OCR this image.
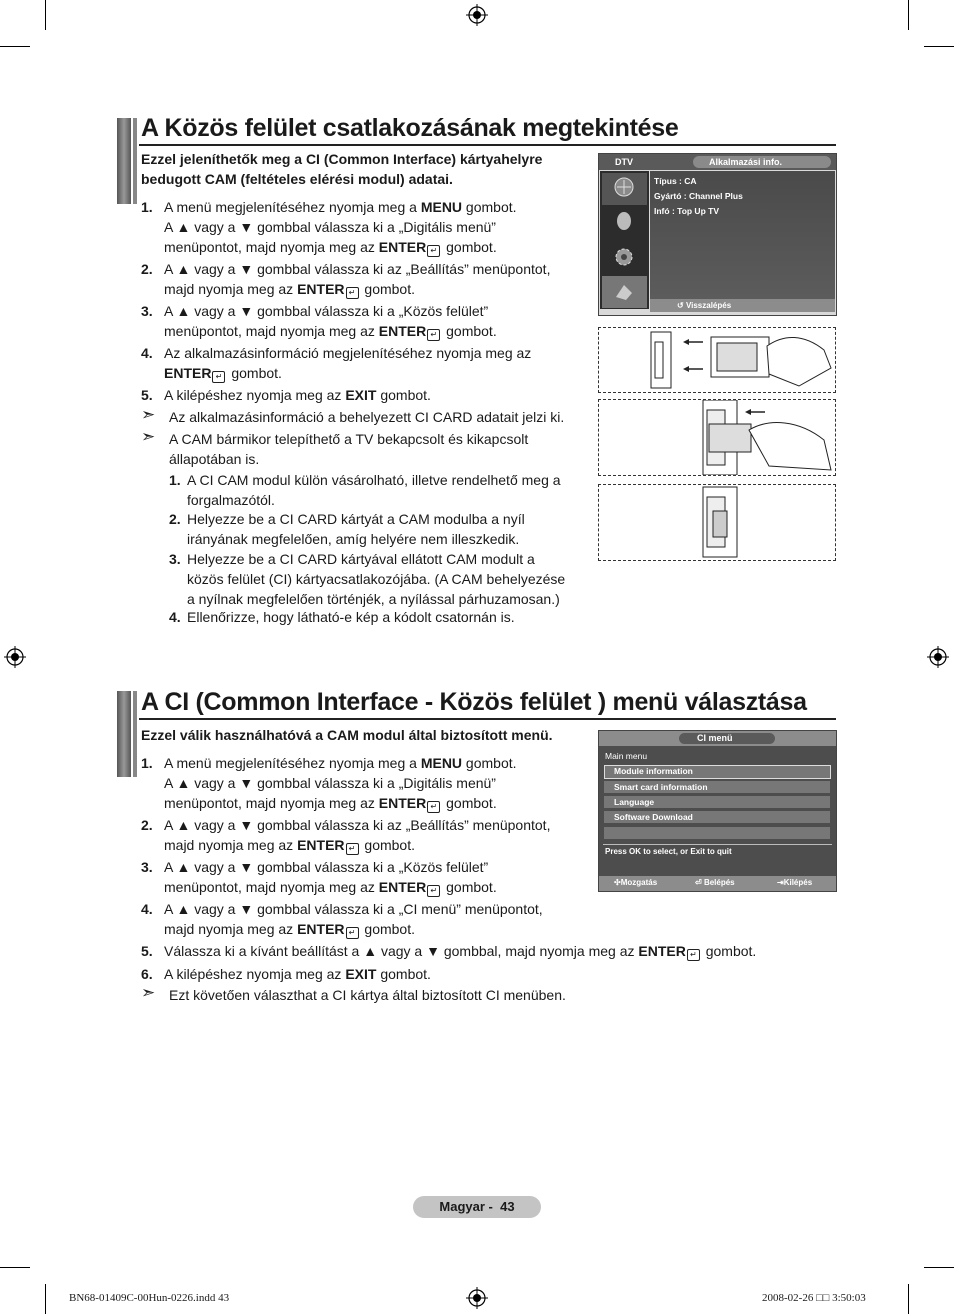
A Közös felület csatlakozásának megtekintése
Ezzel jeleníthetők meg a CI (Common Interface) kártyahelyre
bedugott CAM (feltételes elérési modul) adatai.
1. A menü megjelenítéséhez nyomja meg a MENU gombot.
A ▲ vagy a ▼ gombbal válassza ki a „Digitális menü”
menüpontot, majd nyomja meg az ENTER ↵ gombot.
2. A ▲ vagy a ▼ gombbal válassza ki az „Beállítás” menüpontot,
majd nyomja meg az ENTER ↵ gombot.
3. A ▲ vagy a ▼ gombbal válassza ki a „Közös felület”
menüpontot, majd nyomja meg az ENTER ↵ gombot.
4. Az alkalmazásinformáció megjelenítéséhez nyomja meg az
ENTER ↵ gombot.
5. A kilépéshez nyomja meg az EXIT gombot.
➣ Az alkalmazásinformáció a behelyezett CI CARD adatait jelzi ki.
➣ A CAM bármikor telepíthető a TV bekapcsolt és kikapcsolt
állapotában is.
1. A CI CAM modul külön vásárolható, illetve rendelhető meg a
forgalmazótól.
2. Helyezze be a CI CARD kártyát a CAM modulba a nyíl
irányának megfelelően, amíg helyére nem illeszkedik.
3. Helyezze be a CI CARD kártyával ellátott CAM modult a
közös felület (CI) kártyacsatlakozójába. (A CAM behelyezése
a nyílnak megfelelően történjék, a nyílással párhuzamosan.)
4. Ellenőrizze, hogy látható-e kép a kódolt csatornán is.
DTV	Alkalmazási info.
Típus : CA
Gyártó : Channel Plus
Infó : Top Up TV
↺ Visszalépés
A CI (Common Interface - Közös felület ) menü választása
Ezzel válik használhatóvá a CAM modul által biztosított menü.
1. A menü megjelenítéséhez nyomja meg a MENU gombot.
A ▲ vagy a ▼ gombbal válassza ki a „Digitális menü”
menüpontot, majd nyomja meg az ENTER ↵ gombot.
2. A ▲ vagy a ▼ gombbal válassza ki az „Beállítás” menüpontot,
majd nyomja meg az ENTER ↵ gombot.
3. A ▲ vagy a ▼ gombbal válassza ki a „Közös felület”
menüpontot, majd nyomja meg az ENTER ↵ gombot.
4. A ▲ vagy a ▼ gombbal válassza ki a „CI menü” menüpontot,
majd nyomja meg az ENTER ↵ gombot.
5. Válassza ki a kívánt beállítást a ▲ vagy a ▼ gombbal, majd nyomja meg az ENTER ↵ gombot.
6. A kilépéshez nyomja meg az EXIT gombot.
➣ Ezt követően választhat a CI kártya által biztosított CI menüben.
CI menü
Main menu
Module information
Smart card information
Language
Software Download
Press OK to select, or Exit to quit
✣Mozgatás	⏎ Belépés	⇥Kilépés
Magyar -  43
BN68-01409C-00Hun-0226.indd 43	2008-02-26 □□ 3:50:03
